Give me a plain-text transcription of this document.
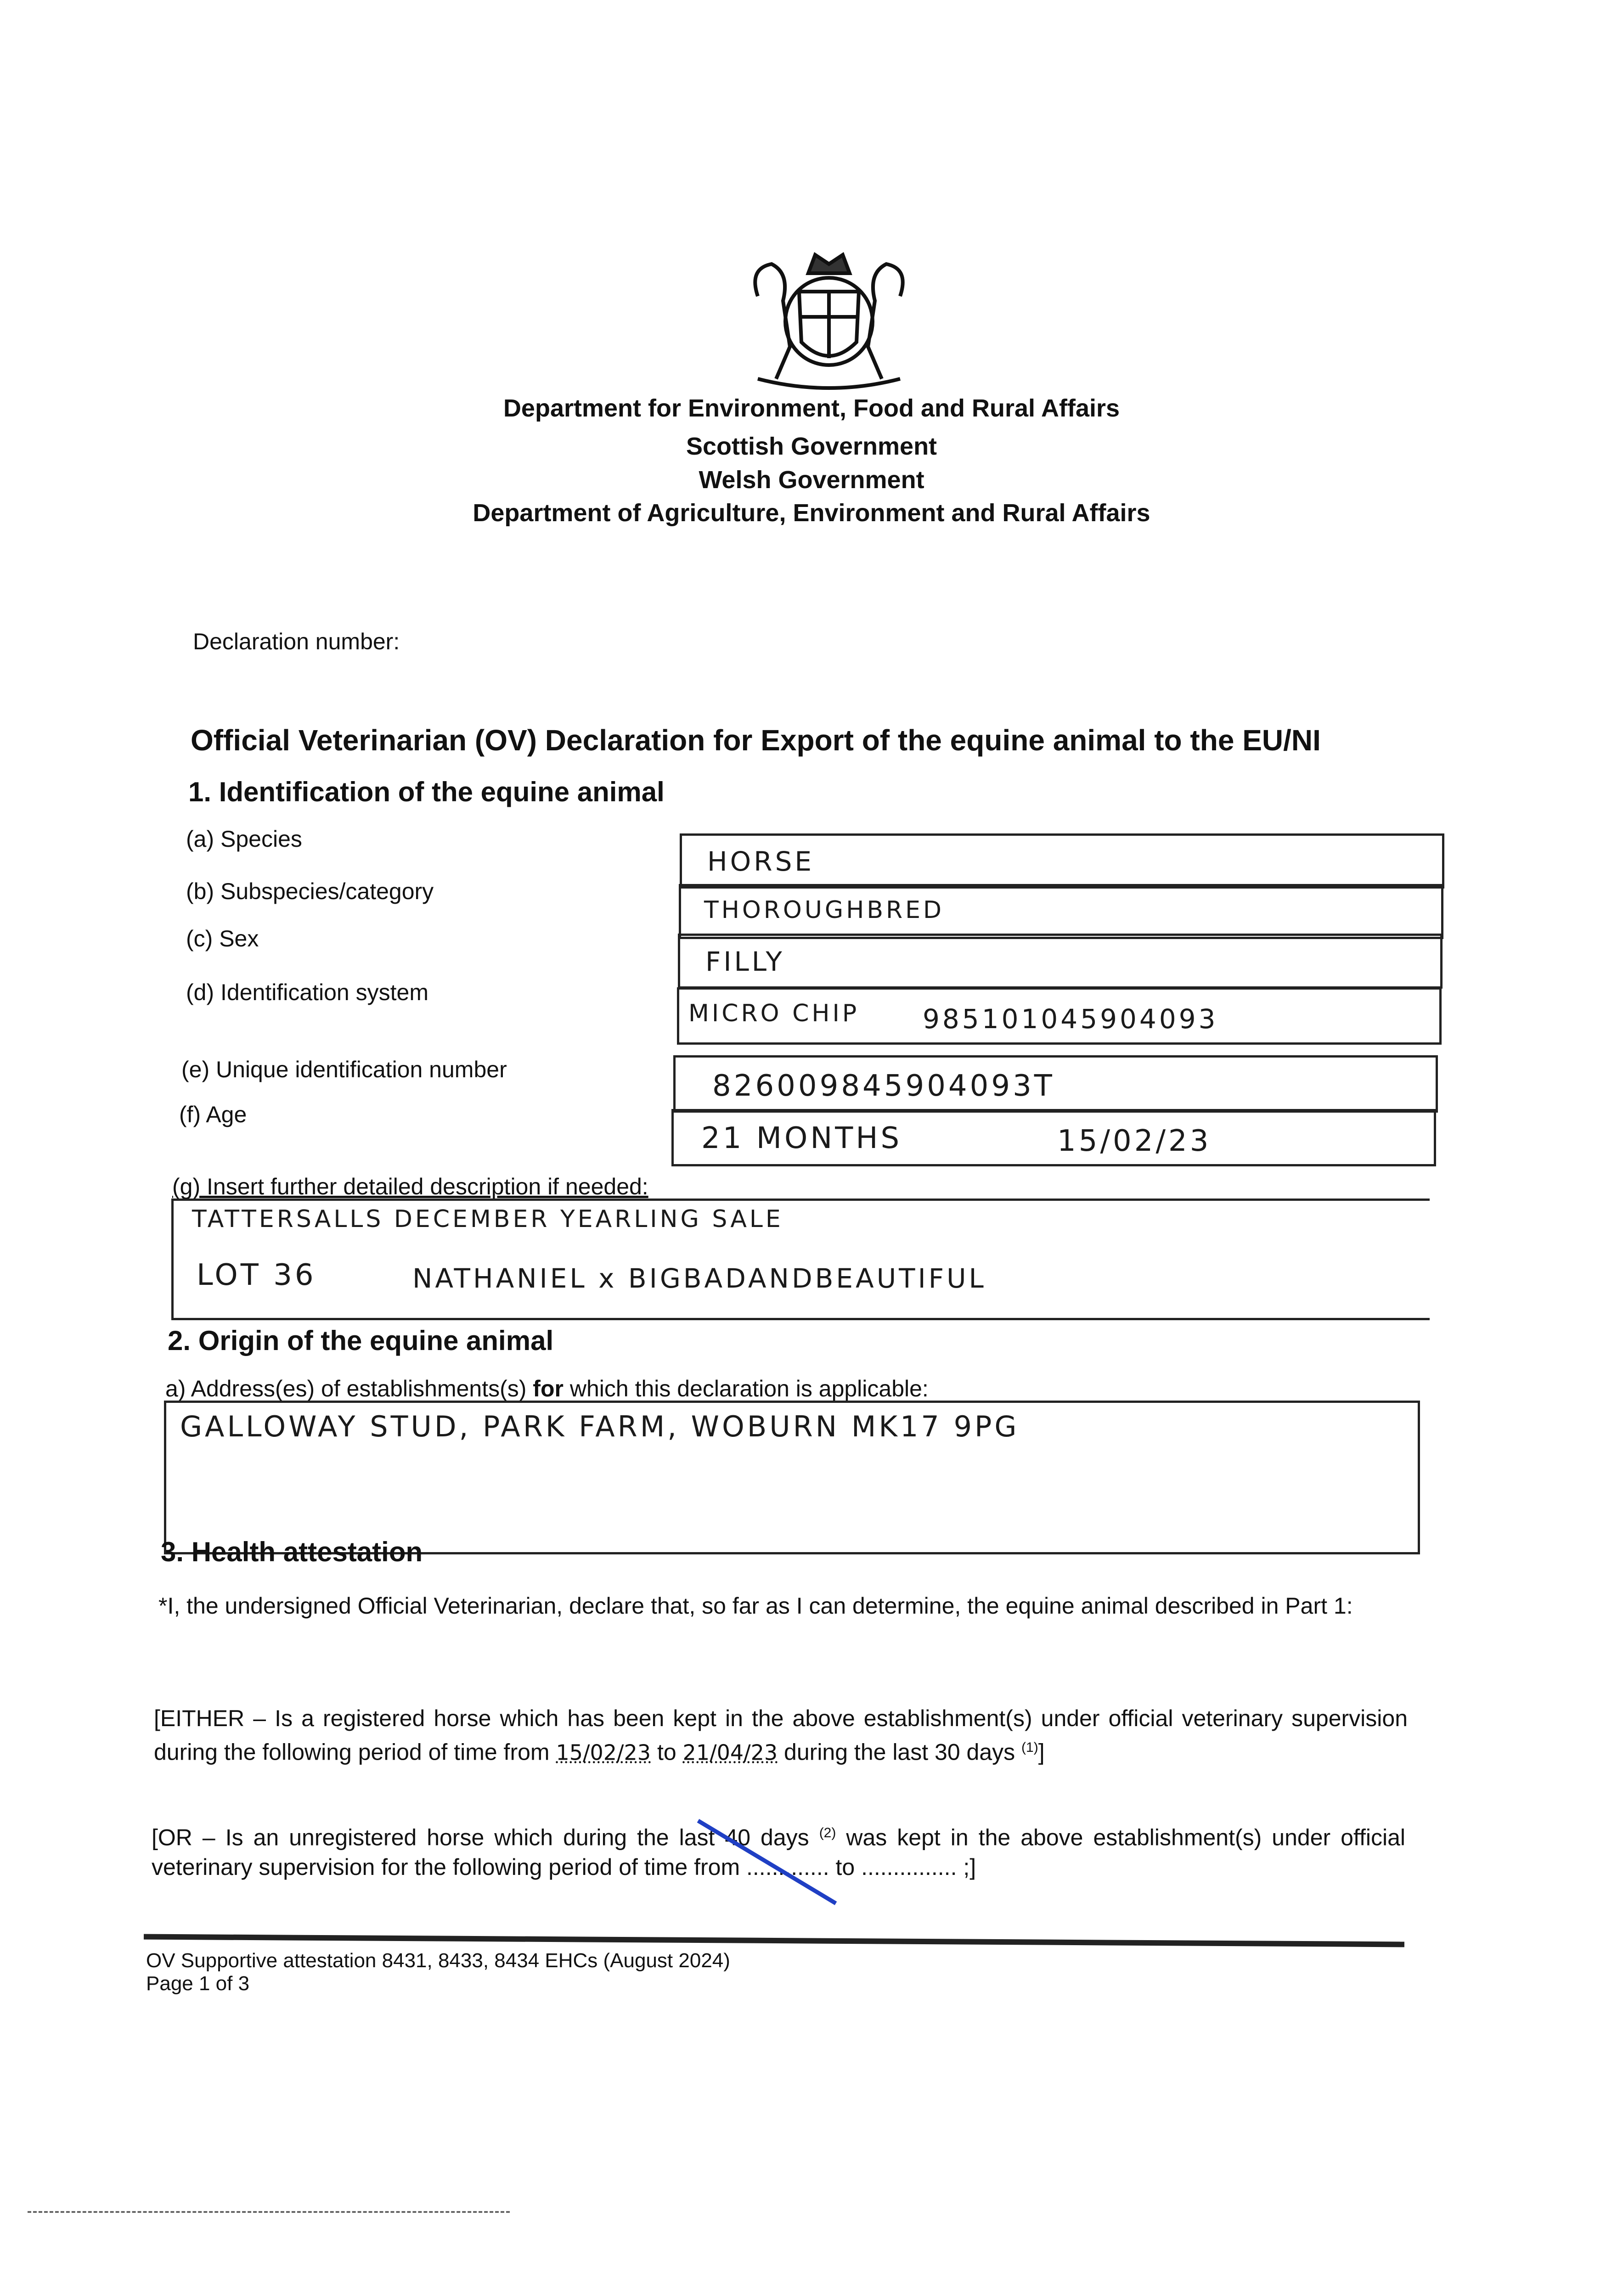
Department for Environment, Food and Rural Affairs
Scottish Government
Welsh Government
Department of Agriculture, Environment and Rural Affairs
Declaration number:
Official Veterinarian (OV) Declaration for Export of the equine animal to the EU/NI
1. Identification of the equine animal
(a) Species
(b) Subspecies/category
(c) Sex
(d) Identification system
(e) Unique identification number
(f) Age
HORSE
THOROUGHBRED
FILLY
MICRO CHIP 985101045904093
826009845904093T
21 MONTHS	15/02/23
(g) Insert further detailed description if needed:
TATTERSALLS DECEMBER YEARLING SALE
LOT 36	NATHANIEL x BIGBADANDBEAUTIFUL
2. Origin of the equine animal
a) Address(es) of establishments(s) for which this declaration is applicable:
GALLOWAY STUD, PARK FARM, WOBURN MK17 9PG
3. Health attestation
*I, the undersigned Official Veterinarian, declare that, so far as I can determine, the equine animal described in Part 1:
[EITHER – Is a registered horse which has been kept in the above establishment(s) under official veterinary supervision during the following period of time from 15/02/23 to 21/04/23 during the last 30 days $^{(1)}$]
[OR – Is an unregistered horse which during the last 40 days $^{(2)}$ was kept in the above establishment(s) under official veterinary supervision for the following period of time from ............. to ............... ;]
OV Supportive attestation 8431, 8433, 8434 EHCs (August 2024)
Page 1 of 3
